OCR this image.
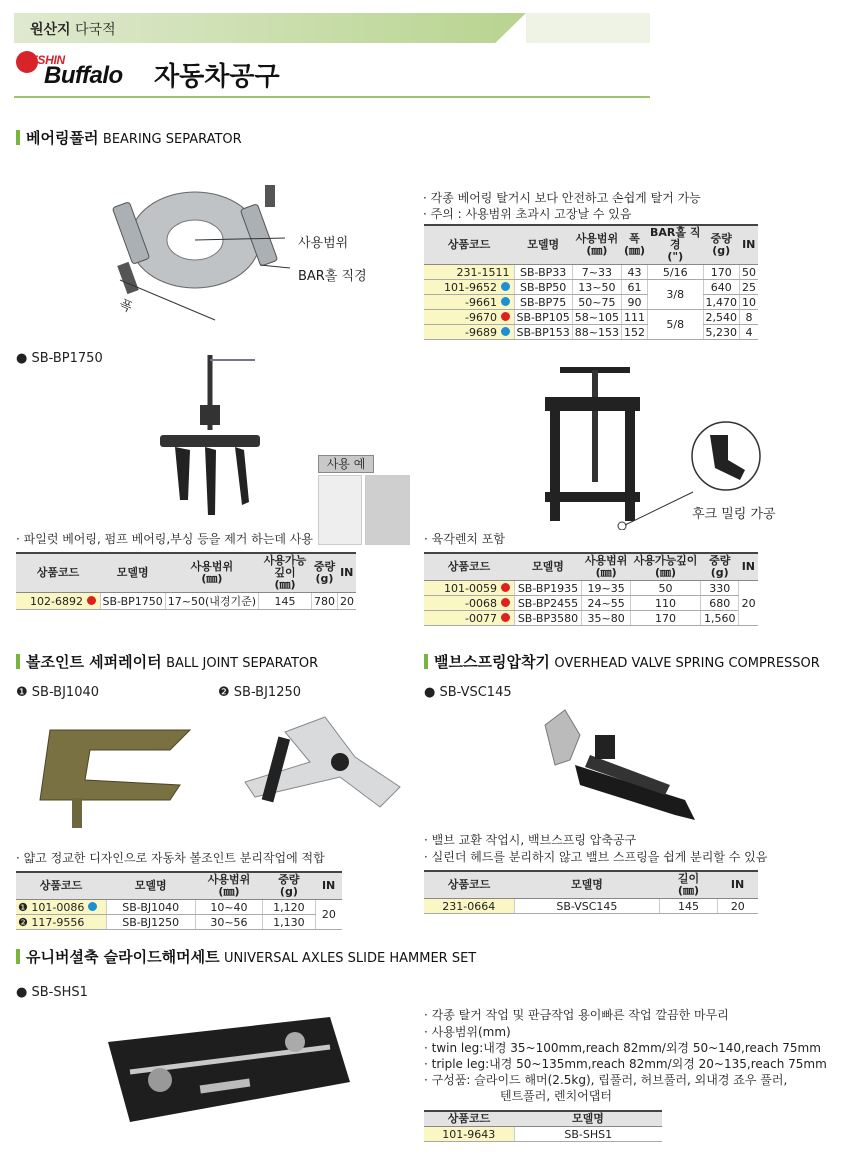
원산지 다국적
SESHIN
Buffalo 자동차공구
베어링풀러 BEARING SEPARATOR
폭
사용범위
BAR홀 직경
· 각종 베어링 탈거시 보다 안전하고 손쉽게 탈거 가능
· 주의 : 사용범위 초과시 고장날 수 있음
상품코드	모델명	사용범위
(㎜)	폭
(㎜)	BAR홀 직경
(")	중량
(g)	IN
231-1511	SB-BP33	7~33	43	5/16	170	50
101-9652	SB-BP50	13~50	61	3/8	640	25
-9661	SB-BP75	50~75	90		1,470	10
-9670	SB-BP105	58~105	111	5/8	2,540	8
-9689	SB-BP153	88~153	152		5,230	4
● SB-BP1750
사용 예
· 파일럿 베어링, 펌프 베어링,부싱 등을 제거 하는데 사용
상품코드	모델명	사용범위
(㎜)	사용가능깊이
(㎜)	중량
(g)	IN
102-6892	SB-BP1750	17~50(내경기준)	145	780	20
후크 밀링 가공
· 육각렌치 포함
상품코드	모델명	사용범위
(㎜)	사용가능깊이
(㎜)	중량
(g)	IN
101-0059	SB-BP1935	19~35	50	330	20
-0068	SB-BP2455	24~55	110	680	
-0077	SB-BP3580	35~80	170	1,560	
볼조인트 세퍼레이터 BALL JOINT SEPARATOR
❶ SB-BJ1040	❷ SB-BJ1250
· 얇고 정교한 디자인으로 자동차 볼조인트 분리작업에 적합
상품코드	모델명	사용범위
(㎜)	중량
(g)	IN
❶ 101-0086	SB-BJ1040	10~40	1,120	20
❷ 117-9556	SB-BJ1250	30~56	1,130	
밸브스프링압착기 OVERHEAD VALVE SPRING COMPRESSOR
● SB-VSC145
· 밸브 교환 작업시, 백브스프링 압축공구
· 실린더 헤드를 분리하지 않고 밸브 스프링을 쉽게 분리할 수 있음
상품코드	모델명	길이
(㎜)	IN
231-0664	SB-VSC145	145	20
유니버셜축 슬라이드해머세트 UNIVERSAL AXLES SLIDE HAMMER SET
● SB-SHS1
· 각종 탈거 작업 및 판금작업 용이빠른 작업 깔끔한 마무리
· 사용범위(mm)
· twin leg:내경 35~100mm,reach 82mm/외경 50~140,reach 75mm
· triple leg:내경 50~135mm,reach 82mm/외경 20~135,reach 75mm
· 구성품: 슬라이드 해머(2.5kg), 립풀러, 허브풀러, 외내경 죠우 풀러,
텐트풀러, 렌치어댑터
상품코드	모델명
101-9643	SB-SHS1
